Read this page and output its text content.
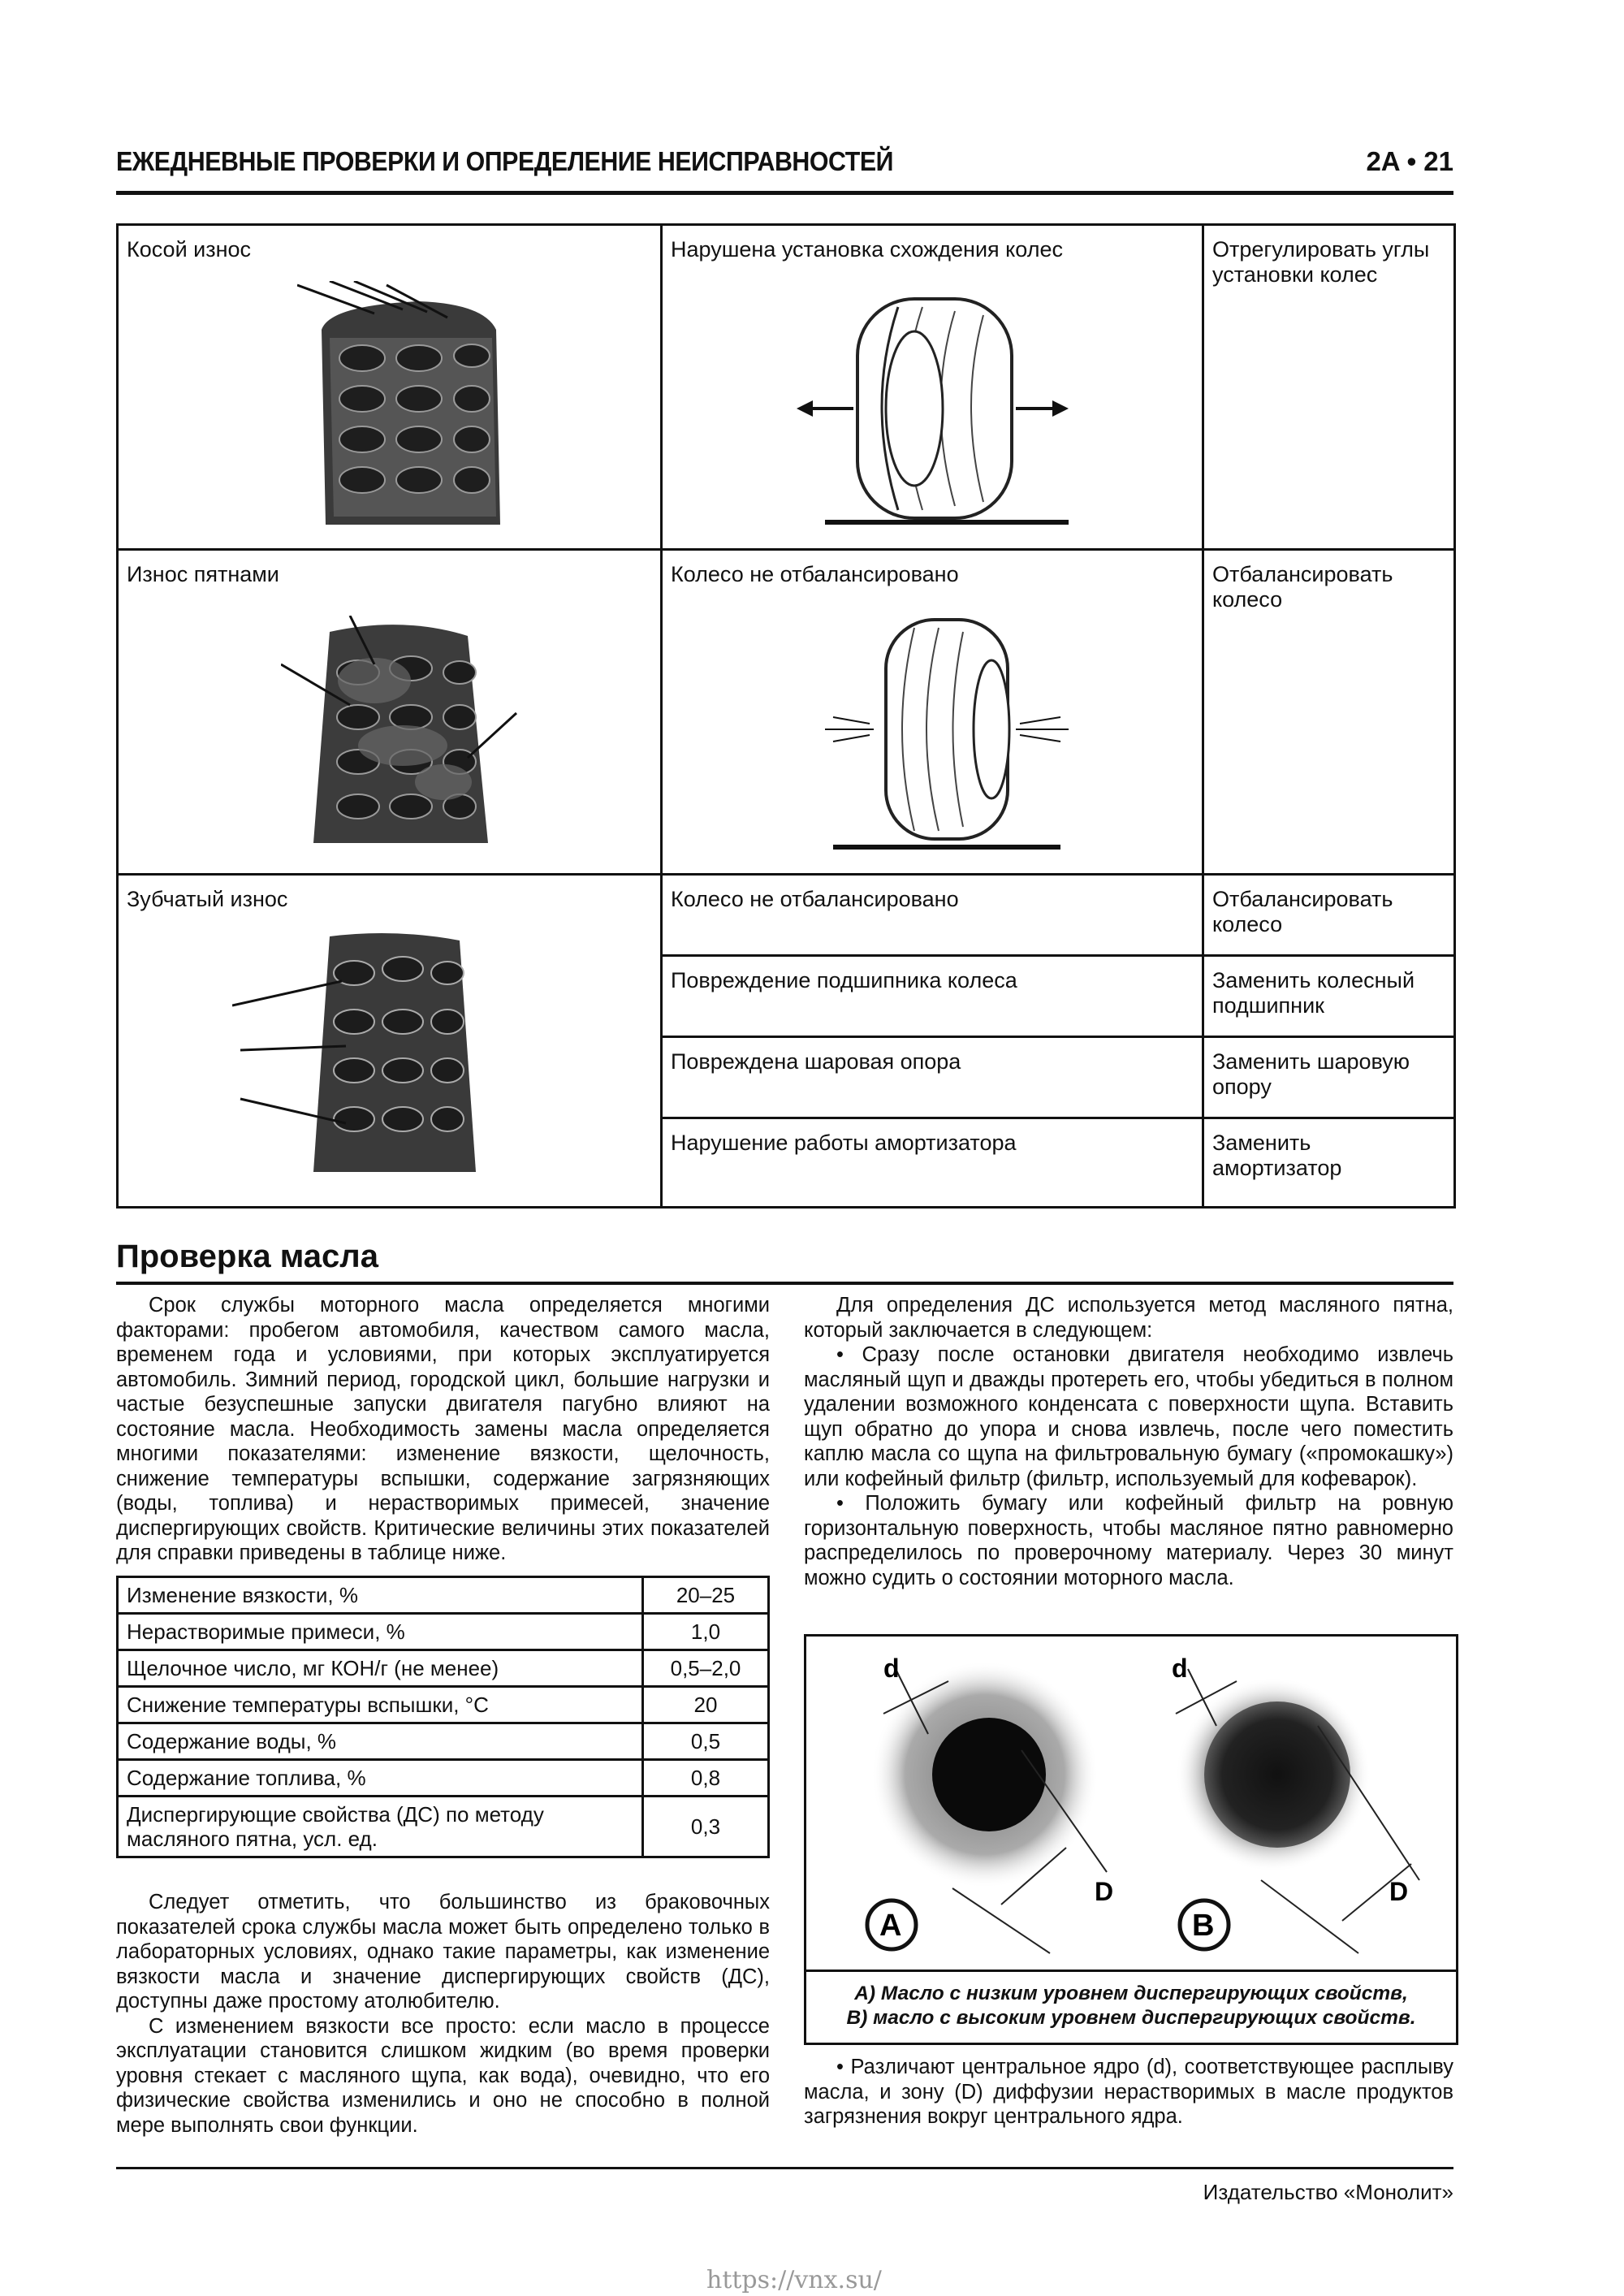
ЕЖЕДНЕВНЫЕ ПРОВЕРКИ И ОПРЕДЕЛЕНИЕ НЕИСПРАВНОСТЕЙ	2A • 21
Косой износ	Нарушена установка схождения колес	Отрегулировать углы установки колес

Износ пятнами	Колесо не отбалансировано	Отбалансировать колесо

Зубчатый износ	Колесо не отбалансировано	Отбалансировать колесо

	Повреждение подшипника колеса	Заменить колесный подшипник

	Повреждена шаровая опора	Заменить шаровую опору

	Нарушение работы амортизатора	Заменить амортизатор
Проверка масла

Срок службы моторного масла определяется многими факторами: пробегом автомобиля, качеством самого масла, временем года и условиями, при которых эксплуатируется автомобиль. Зимний период, городской цикл, большие нагрузки и частые безуспешные запуски двигателя пагубно влияют на состояние масла. Необходимость замены масла определяется многими показателями: изменение вязкости, щелочность, снижение температуры вспышки, содержание загрязняющих (воды, топлива) и нерастворимых примесей, значение диспергирующих свойств. Критические величины этих показателей для справки приведены в таблице ниже.

Изменение вязкости, %	20–25
Нерастворимые примеси, %	1,0
Щелочное число, мг КОН/г (не менее)	0,5–2,0
Снижение температуры вспышки, °С	20
Содержание воды, %	0,5
Содержание топлива, %	0,8
Диспергирующие свойства (ДС) по методу масляного пятна, усл. ед.	0,3

Следует отметить, что большинство из браковочных показателей срока службы масла может быть определено только в лабораторных условиях, однако такие параметры, как изменение вязкости масла и значение диспергирующих свойств (ДС), доступны даже простому атолюбителю.

С изменением вязкости все просто: если масло в процессе эксплуатации становится слишком жидким (во время проверки уровня стекает с масляного щупа, как вода), очевидно, что его физические свойства изменились и оно не способно в полной мере выполнять свои функции.

Для определения ДС используется метод масляного пятна, который заключается в следующем:

• Сразу после остановки двигателя необходимо извлечь масляный щуп и дважды протереть его, чтобы убедиться в полном удалении возможного конденсата с поверхности щупа. Вставить щуп обратно до упора и снова извлечь, после чего поместить каплю масла со щупа на фильтровальную бумагу («промокашку») или кофейный фильтр (фильтр, используемый для кофеварок).

• Положить бумагу или кофейный фильтр на ровную горизонтальную поверхность, чтобы масляное пятно равномерно распределилось по проверочному материалу. Через 30 минут можно судить о состоянии моторного масла.

d
D
A
d
D
B
А) Масло с низким уровнем диспергирующих свойств,
В) масло с высоким уровнем диспергирующих свойств.

• Различают центральное ядро (d), соответствующее расплыву масла, и зону (D) диффузии нерастворимых в масле продуктов загрязнения вокруг центрального ядра.

Издательство «Монолит»
https://vnx.su/
